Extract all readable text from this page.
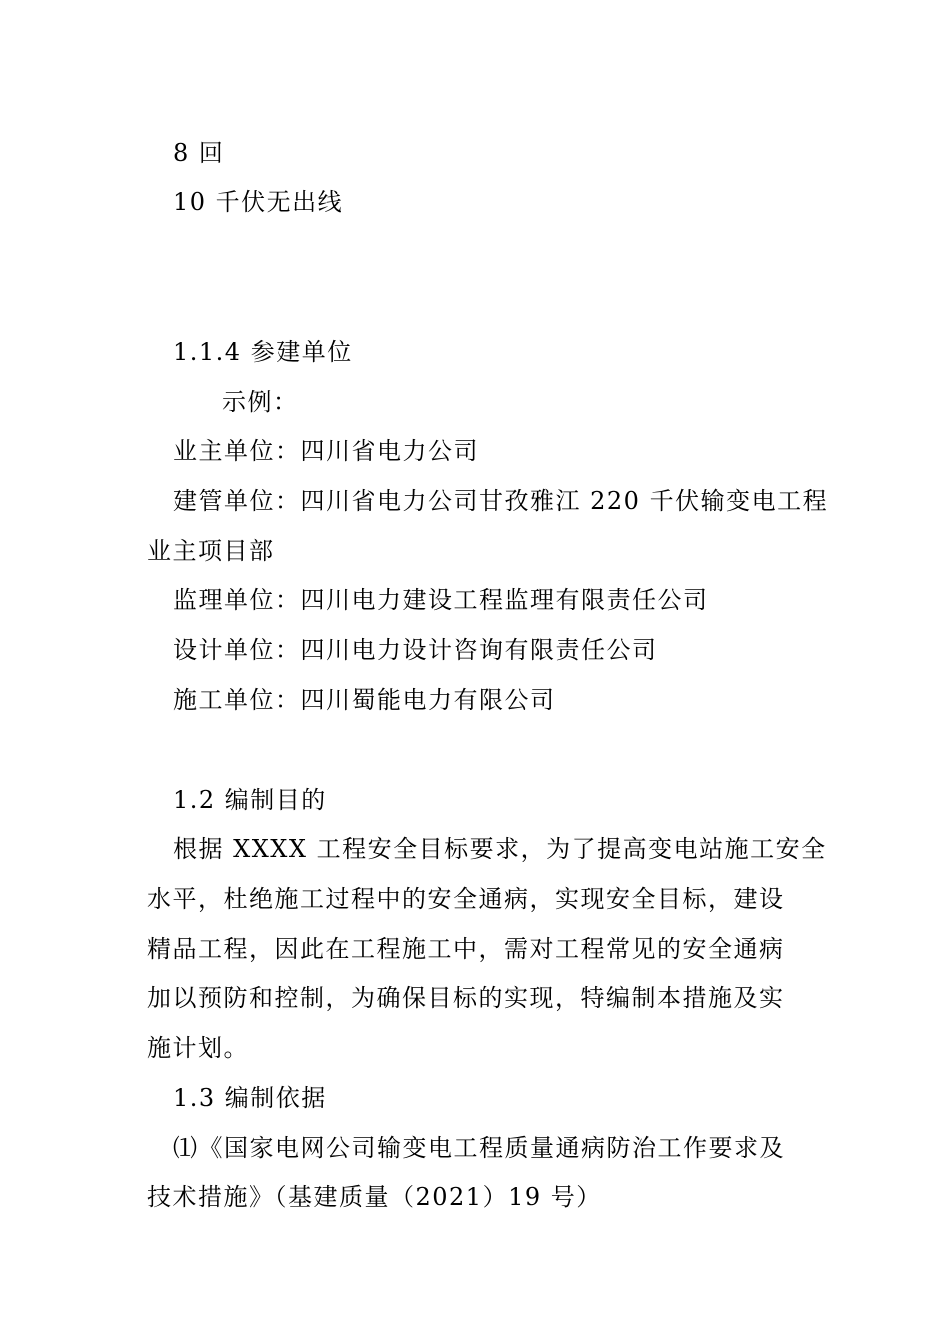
8 回
10 千伏无出线
1.1.4 参建单位
示例：
业主单位：四川省电力公司
建管单位：四川省电力公司甘孜雅江 220 千伏输变电工程
业主项目部
监理单位：四川电力建设工程监理有限责任公司
设计单位：四川电力设计咨询有限责任公司
施工单位：四川蜀能电力有限公司
1.2 编制目的
根据 XXXX 工程安全目标要求，为了提高变电站施工安全
水平，杜绝施工过程中的安全通病，实现安全目标，建设
精品工程，因此在工程施工中，需对工程常见的安全通病
加以预防和控制，为确保目标的实现，特编制本措施及实
施计划。
1.3 编制依据
⑴《国家电网公司输变电工程质量通病防治工作要求及
技术措施》（基建质量（2021）19 号）
